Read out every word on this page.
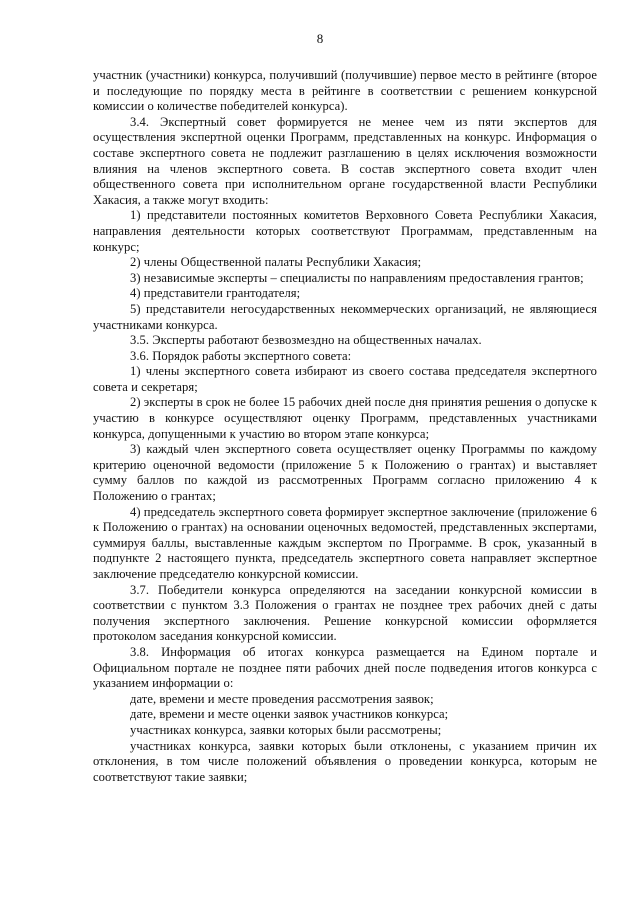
8

участник (участники) конкурса, получивший (получившие) первое место в рейтинге (второе и последующие по порядку места в рейтинге в соответствии с решением конкурсной комиссии о количестве победителей конкурса).

3.4. Экспертный совет формируется не менее чем из пяти экспертов для осуществления экспертной оценки Программ, представленных на конкурс. Информация о составе экспертного совета не подлежит разглашению в целях исключения возможности влияния на членов экспертного совета. В состав экспертного совета входит член общественного совета при исполнительном органе государственной власти Республики Хакасия, а также могут входить:

1) представители постоянных комитетов Верховного Совета Республики Хакасия, направления деятельности которых соответствуют Программам, представленным на конкурс;

2) члены Общественной палаты Республики Хакасия;

3) независимые эксперты – специалисты по направлениям предоставления грантов;

4) представители грантодателя;

5) представители негосударственных некоммерческих организаций, не являющиеся участниками конкурса.

3.5. Эксперты работают безвозмездно на общественных началах.

3.6. Порядок работы экспертного совета:

1) члены экспертного совета избирают из своего состава председателя экспертного совета и секретаря;

2) эксперты в срок не более 15 рабочих дней после дня принятия решения о допуске к участию в конкурсе осуществляют оценку Программ, представленных участниками конкурса, допущенными к участию во втором этапе конкурса;

3) каждый член экспертного совета осуществляет оценку Программы по каждому критерию оценочной ведомости (приложение 5 к Положению о грантах) и выставляет сумму баллов по каждой из рассмотренных Программ согласно приложению 4 к Положению о грантах;

4) председатель экспертного совета формирует экспертное заключение (приложение 6 к Положению о грантах) на основании оценочных ведомостей, представленных экспертами, суммируя баллы, выставленные каждым экспертом по Программе. В срок, указанный в подпункте 2 настоящего пункта, председатель экспертного совета направляет экспертное заключение председателю конкурсной комиссии.

3.7. Победители конкурса определяются на заседании конкурсной комиссии в соответствии с пунктом 3.3 Положения о грантах не позднее трех рабочих дней с даты получения экспертного заключения. Решение конкурсной комиссии оформляется протоколом заседания конкурсной комиссии.

3.8. Информация об итогах конкурса размещается на Едином портале и Официальном портале не позднее пяти рабочих дней после подведения итогов конкурса с указанием информации о:

дате, времени и месте проведения рассмотрения заявок;

дате, времени и месте оценки заявок участников конкурса;

участниках конкурса, заявки которых были рассмотрены;

участниках конкурса, заявки которых были отклонены, с указанием причин их отклонения, в том числе положений объявления о проведении конкурса, которым не соответствуют такие заявки;
